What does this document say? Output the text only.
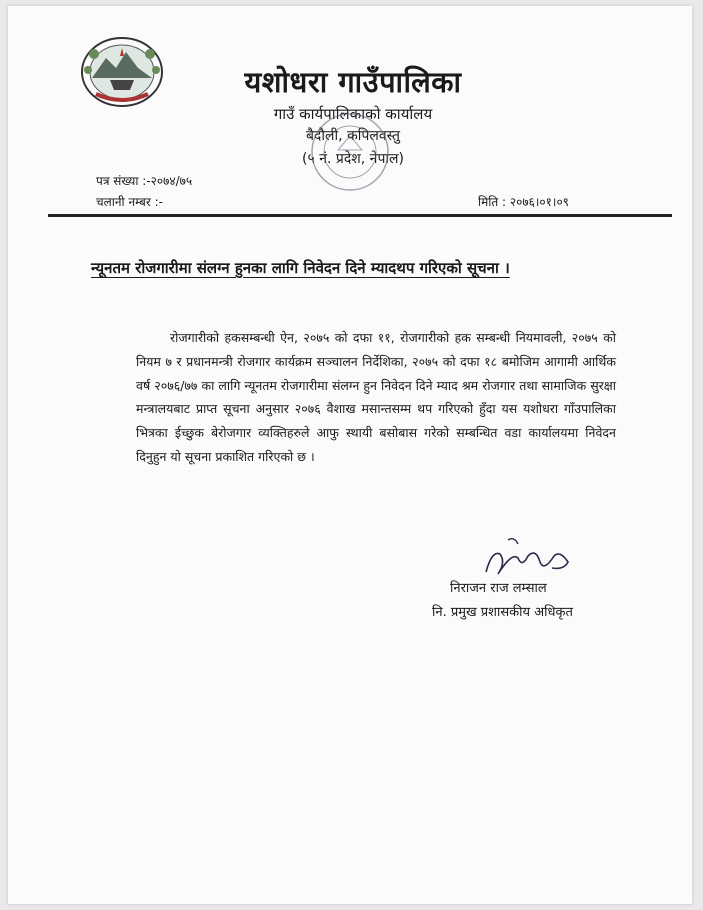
यशोधरा गाउँपालिका
गाउँ कार्यपालिकाको कार्यालय
बैदौली, कपिलवस्तु
(५ नं. प्रदेश, नेपाल)
पत्र संख्या :-२०७४/७५
चलानी नम्बर :-	मिति : २०७६।०१।०९
न्यूनतम रोजगारीमा संलग्न हुनका लागि निवेदन दिने म्यादथप गरिएको सूचना ।
रोजगारीको हकसम्बन्धी ऐन, २०७५ को दफा ११, रोजगारीको हक सम्बन्धी नियमावली, २०७५ को नियम ७ र प्रधानमन्त्री रोजगार कार्यक्रम सञ्चालन निर्देशिका, २०७५ को दफा १८ बमोजिम आगामी आर्थिक वर्ष २०७६/७७ का लागि न्यूनतम रोजगारीमा संलग्न हुन निवेदन दिने म्याद श्रम रोजगार तथा सामाजिक सुरक्षा मन्त्रालयबाट प्राप्त सूचना अनुसार २०७६ वैशाख मसान्तसम्म थप गरिएको हुँदा यस यशोधरा गाँउपालिका भित्रका ईच्छुक बेरोजगार व्यक्तिहरुले आफु स्थायी बसोबास गरेको सम्बन्धित वडा कार्यालयमा निवेदन दिनुहुन यो सूचना प्रकाशित गरिएको छ ।
निराजन राज लम्साल
नि. प्रमुख प्रशासकीय अधिकृत
